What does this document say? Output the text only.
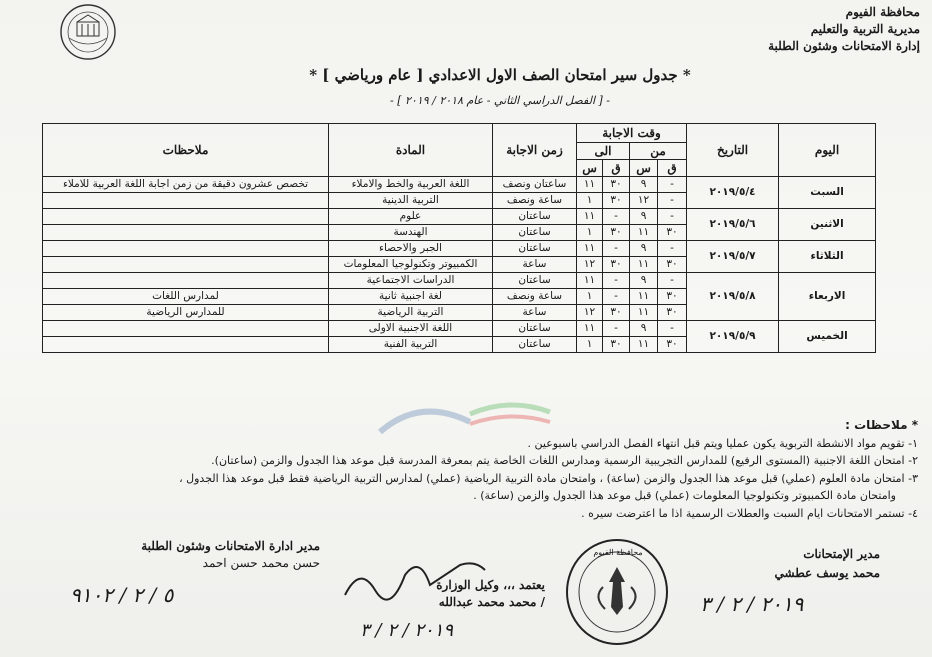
محافظة الفيوم
مديرية التربية والتعليم
إدارة الامتحانات وشئون الطلبة
* جدول سير امتحان الصف الاول الاعدادي [ عام ورياضي ] *
- [ الفصل الدراسي الثاني - عام ٢٠١٨ / ٢٠١٩ ] -
اليوم	التاريخ	وقت الاجابة				زمن الاجابة	المادة	ملاحظات
		من		الى				
		ق	س	ق	س			
السبت	٢٠١٩/٥/٤	-	٩	٣٠	١١	ساعتان ونصف	اللغة العربية والخط والاملاء	تخصص عشرون دقيقة من زمن اجابة اللغة العربية للاملاء
		-	١٢	٣٠	١	ساعة ونصف	التربية الدينية	
الاثنين	٢٠١٩/٥/٦	-	٩	-	١١	ساعتان	علوم	
		٣٠	١١	٣٠	١	ساعتان	الهندسة	
الثلاثاء	٢٠١٩/٥/٧	-	٩	-	١١	ساعتان	الجبر والاحصاء	
		٣٠	١١	٣٠	١٢	ساعة	الكمبيوتر وتكنولوجيا المعلومات	
الاربعاء	٢٠١٩/٥/٨	-	٩	-	١١	ساعتان	الدراسات الاجتماعية	
		٣٠	١١	-	١	ساعة ونصف	لغة اجنبية ثانية	لمدارس اللغات
		٣٠	١١	٣٠	١٢	ساعة	التربية الرياضية	للمدارس الرياضية
الخميس	٢٠١٩/٥/٩	-	٩	-	١١	ساعتان	اللغة الاجنبية الاولى	
		٣٠	١١	٣٠	١	ساعتان	التربية الفنية	
* ملاحظات :
١- تقويم مواد الانشطة التربوية يكون عمليا ويتم قبل انتهاء الفصل الدراسي باسبوعين .
٢- امتحان اللغة الاجنبية (المستوى الرفيع) للمدارس التجريبية الرسمية ومدارس اللغات الخاصة يتم بمعرفة المدرسة قبل موعد هذا الجدول والزمن (ساعتان).
٣- امتحان مادة العلوم (عملي) قبل موعد هذا الجدول والزمن (ساعة) ، وامتحان مادة التربية الرياضية (عملي) لمدارس التربية الرياضية فقط قبل موعد هذا الجدول ،
وامتحان مادة الكمبيوتر وتكنولوجيا المعلومات (عملي) قبل موعد هذا الجدول والزمن (ساعة) .
٤- تستمر الامتحانات ايام السبت والعطلات الرسمية اذا ما اعترضت سيره .
مدير ادارة الامتحانات وشئون الطلبة
حسن محمد حسن احمد
٥ / ٢ / ٩١٠٢	يعتمد ،،، وكيل الوزارة
/ محمد محمد عبدالله
٢٠١٩ / ٢ / ٣
محافظة الفيوم	مدير الإمتحانات
محمد يوسف عطشي
٢٠١٩ / ٢ / ٣
